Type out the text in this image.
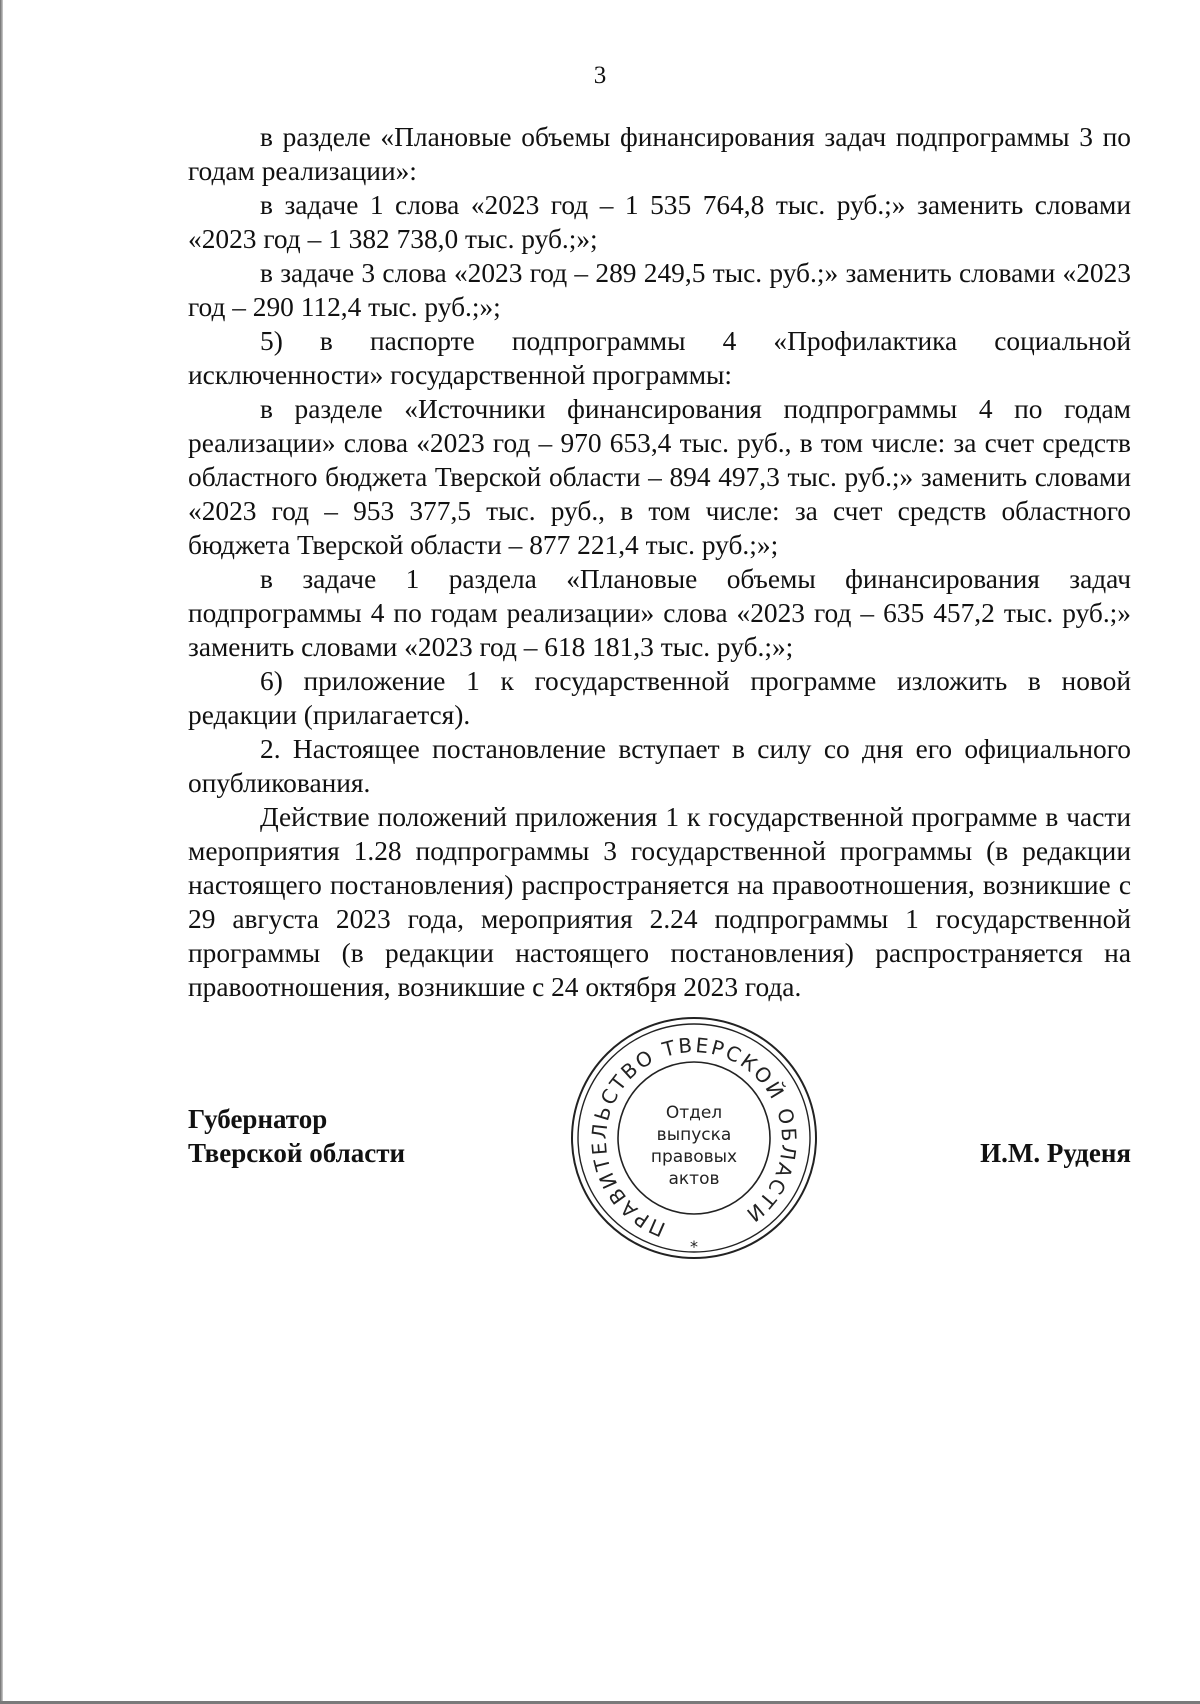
3

в разделе «Плановые объемы финансирования задач подпрограммы 3 по годам реализации»:

в задаче 1 слова «2023 год – 1 535 764,8 тыс. руб.;» заменить словами «2023 год – 1 382 738,0 тыс. руб.;»;

в задаче 3 слова «2023 год – 289 249,5 тыс. руб.;» заменить словами «2023 год – 290 112,4 тыс. руб.;»;

5) в паспорте подпрограммы 4 «Профилактика социальной исключенности» государственной программы:

в разделе «Источники финансирования подпрограммы 4 по годам реализации» слова «2023 год – 970 653,4 тыс. руб., в том числе: за счет средств областного бюджета Тверской области – 894 497,3 тыс. руб.;» заменить словами «2023 год – 953 377,5 тыс. руб., в том числе: за счет средств областного бюджета Тверской области – 877 221,4 тыс. руб.;»;

в задаче 1 раздела «Плановые объемы финансирования задач подпрограммы 4 по годам реализации» слова «2023 год – 635 457,2 тыс. руб.;» заменить словами «2023 год – 618 181,3 тыс. руб.;»;

6) приложение 1 к государственной программе изложить в новой редакции (прилагается).

2. Настоящее постановление вступает в силу со дня его официального опубликования.

Действие положений приложения 1 к государственной программе в части мероприятия 1.28 подпрограммы 3 государственной программы (в редакции настоящего постановления) распространяется на правоотношения, возникшие с 29 августа 2023 года, мероприятия 2.24 подпрограммы 1 государственной программы (в редакции настоящего постановления) распространяется на правоотношения, возникшие с 24 октября 2023 года.

Губернатор
Тверской области	И.М. Руденя
ПРАВИТЕЛЬСТВО ТВЕРСКОЙ ОБЛАСТИ
Отдел
выпуска
правовых
актов
*
